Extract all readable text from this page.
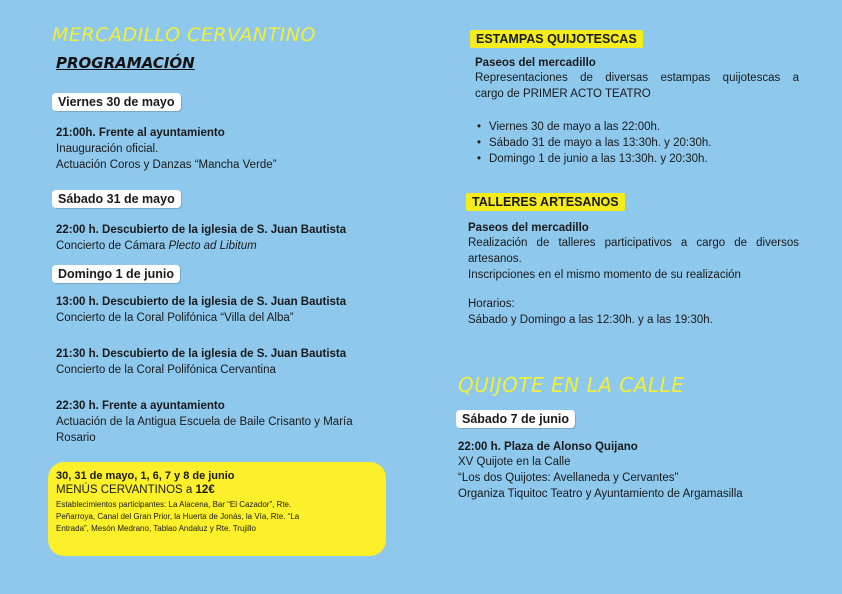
MERCADILLO CERVANTINO
PROGRAMACIÓN
Viernes 30 de mayo
21:00h. Frente al ayuntamiento
Inauguración oficial.
Actuación Coros y Danzas “Mancha Verde”
Sábado 31 de mayo
22:00 h. Descubierto de la iglesia de S. Juan Bautista
Concierto de Cámara Plecto ad Libitum
Domingo 1 de junio
13:00 h. Descubierto de la iglesia de S. Juan Bautista
Concierto de la Coral Polifónica “Villa del Alba”
21:30 h. Descubierto de la iglesia de S. Juan Bautista
Concierto de la Coral Polifónica Cervantina
22:30 h. Frente a ayuntamiento
Actuación de la Antigua Escuela de Baile Crisanto y María
Rosario
30, 31 de mayo, 1, 6, 7 y 8 de junio
MENÚS CERVANTINOS a 12€
Establecimientos participantes: La Alacena, Bar “El Cazador”, Rte.
Peñarroya, Canal del Gran Prior, la Huerta de Jonás, la Vía, Rte. “La
Entrada”, Mesón Medrano, Tablao Andaluz y Rte. Trujillo
ESTAMPAS QUIJOTESCAS
Paseos del mercadillo
Representaciones de diversas estampas quijotescas a
cargo de PRIMER ACTO TEATRO
• Viernes 30 de mayo a las 22:00h.
• Sábado 31 de mayo a las 13:30h. y 20:30h.
• Domingo 1 de junio a las 13:30h. y 20:30h.
TALLERES ARTESANOS
Paseos del mercadillo
Realización de talleres participativos a cargo de diversos
artesanos.
Inscripciones en el mismo momento de su realización
Horarios:
Sábado y Domingo a las 12:30h. y a las 19:30h.
QUIJOTE EN LA CALLE
Sábado 7 de junio
22:00 h. Plaza de Alonso Quijano
XV Quijote en la Calle
“Los dos Quijotes: Avellaneda y Cervantes”
Organiza Tiquitoc Teatro y Ayuntamiento de Argamasilla
